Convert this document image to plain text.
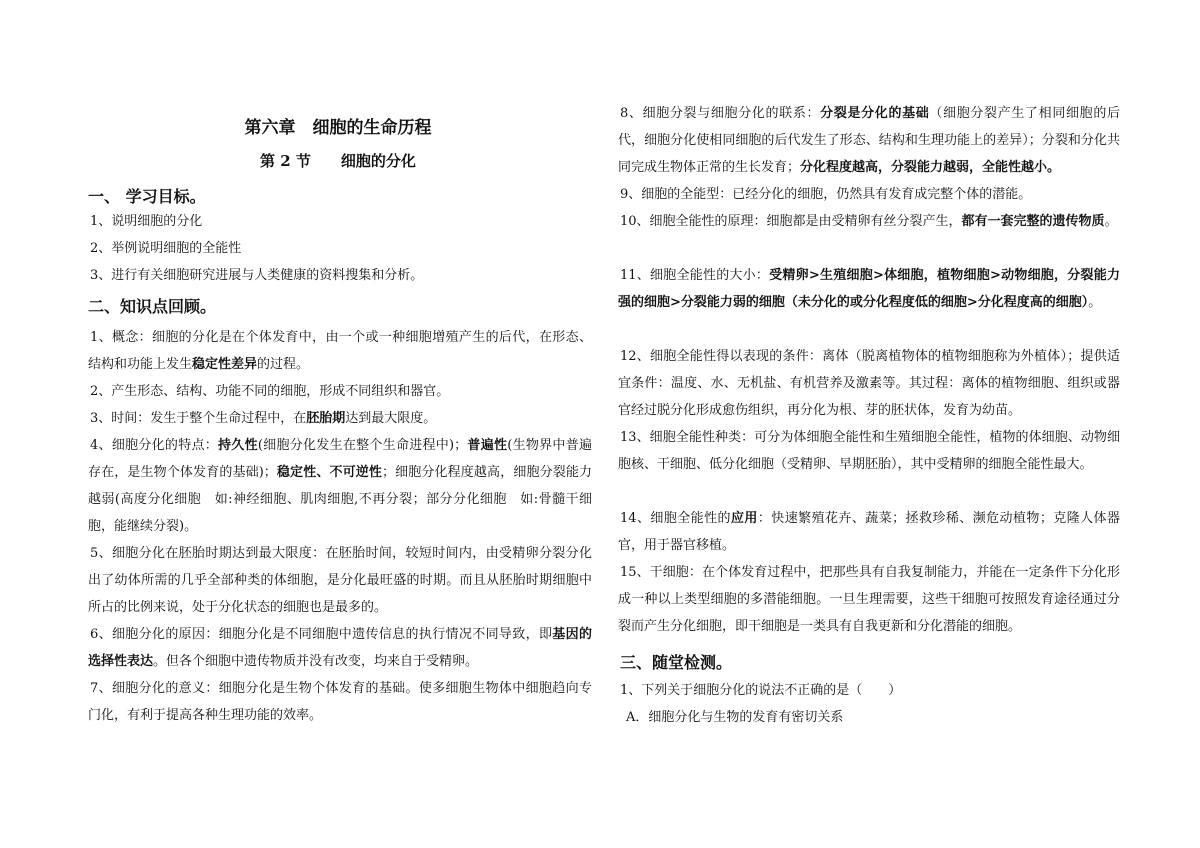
第六章　细胞的生命历程
第 2 节　　细胞的分化
一、 学习目标。

1、说明细胞的分化

2、举例说明细胞的全能性

3、进行有关细胞研究进展与人类健康的资料搜集和分析。

二、知识点回顾。

1、概念：细胞的分化是在个体发育中，由一个或一种细胞增殖产生的后代，在形态、结构和功能上发生稳定性差异的过程。

2、产生形态、结构、功能不同的细胞，形成不同组织和器官。

3、时间：发生于整个生命过程中，在胚胎期达到最大限度。

4、细胞分化的特点：持久性(细胞分化发生在整个生命进程中)；普遍性(生物界中普遍存在，是生物个体发育的基础)；稳定性、不可逆性；细胞分化程度越高，细胞分裂能力越弱(高度分化细胞　如:神经细胞、肌肉细胞,不再分裂；部分分化细胞　如:骨髓干细胞，能继续分裂)。

5、细胞分化在胚胎时期达到最大限度：在胚胎时间，较短时间内，由受精卵分裂分化出了幼体所需的几乎全部种类的体细胞，是分化最旺盛的时期。而且从胚胎时期细胞中所占的比例来说，处于分化状态的细胞也是最多的。

6、细胞分化的原因：细胞分化是不同细胞中遗传信息的执行情况不同导致，即基因的选择性表达。但各个细胞中遗传物质并没有改变，均来自于受精卵。

7、细胞分化的意义：细胞分化是生物个体发育的基础。使多细胞生物体中细胞趋向专门化，有利于提高各种生理功能的效率。

8、细胞分裂与细胞分化的联系：分裂是分化的基础（细胞分裂产生了相同细胞的后代，细胞分化使相同细胞的后代发生了形态、结构和生理功能上的差异）；分裂和分化共同完成生物体正常的生长发育；分化程度越高，分裂能力越弱，全能性越小。

9、细胞的全能型：已经分化的细胞，仍然具有发育成完整个体的潜能。

10、细胞全能性的原理：细胞都是由受精卵有丝分裂产生，都有一套完整的遗传物质。

11、细胞全能性的大小：受精卵>生殖细胞>体细胞，植物细胞>动物细胞，分裂能力强的细胞>分裂能力弱的细胞（未分化的或分化程度低的细胞>分化程度高的细胞）。

12、细胞全能性得以表现的条件：离体（脱离植物体的植物细胞称为外植体）；提供适宜条件：温度、水、无机盐、有机营养及激素等。其过程：离体的植物细胞、组织或器官经过脱分化形成愈伤组织，再分化为根、芽的胚状体，发育为幼苗。

13、细胞全能性种类：可分为体细胞全能性和生殖细胞全能性，植物的体细胞、动物细胞核、干细胞、低分化细胞（受精卵、早期胚胎），其中受精卵的细胞全能性最大。

14、细胞全能性的应用：快速繁殖花卉、蔬菜；拯救珍稀、濒危动植物；克隆人体器官，用于器官移植。

15、干细胞：在个体发育过程中，把那些具有自我复制能力，并能在一定条件下分化形成一种以上类型细胞的多潜能细胞。一旦生理需要，这些干细胞可按照发育途径通过分裂而产生分化细胞，即干细胞是一类具有自我更新和分化潜能的细胞。

三、随堂检测。

1、下列关于细胞分化的说法不正确的是（　　）

A．细胞分化与生物的发育有密切关系
